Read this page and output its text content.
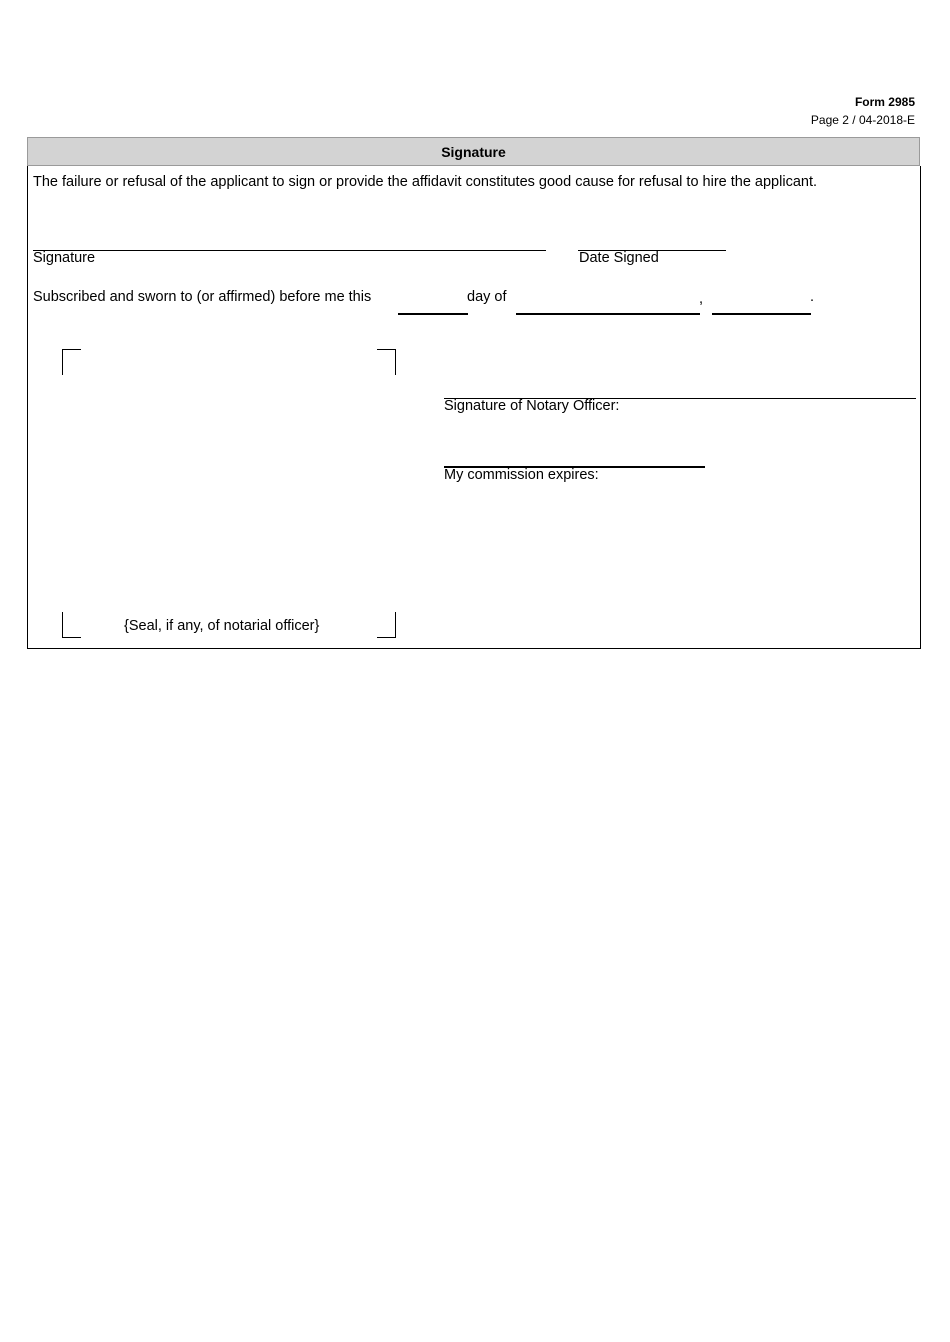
Form 2985
Page 2 / 04-2018-E
Signature
The failure or refusal of the applicant to sign or provide the affidavit constitutes good cause for refusal to hire the applicant.
Signature	Date Signed
Subscribed and sworn to (or affirmed) before me this	day of	,	.
{Seal, if any, of notarial officer}
Signature of Notary Officer:
My commission expires:
